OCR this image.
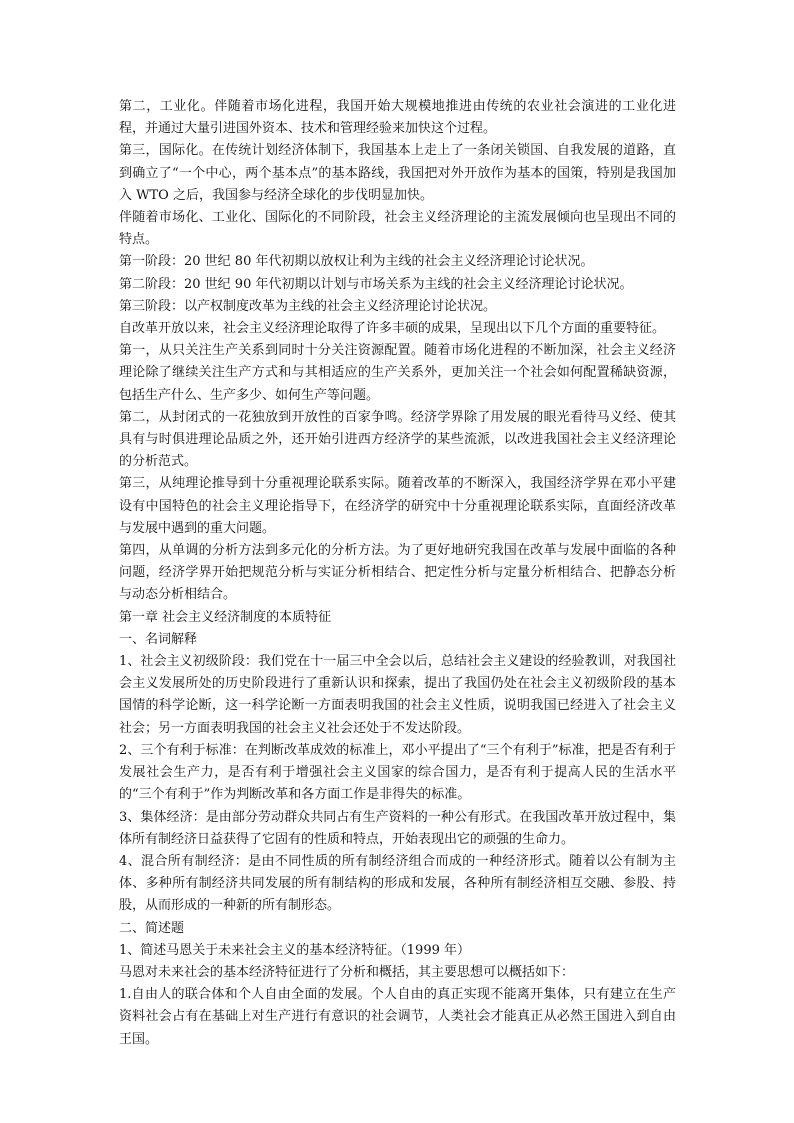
第二，工业化。伴随着市场化进程，我国开始大规模地推进由传统的农业社会演进的工业化进程，并通过大量引进国外资本、技术和管理经验来加快这个过程。

第三，国际化。在传统计划经济体制下，我国基本上走上了一条闭关锁国、自我发展的道路，直到确立了“一个中心，两个基本点”的基本路线，我国把对外开放作为基本的国策，特别是我国加入 WTO 之后，我国参与经济全球化的步伐明显加快。

伴随着市场化、工业化、国际化的不同阶段，社会主义经济理论的主流发展倾向也呈现出不同的特点。

第一阶段：20 世纪 80 年代初期以放权让利为主线的社会主义经济理论讨论状况。

第二阶段：20 世纪 90 年代初期以计划与市场关系为主线的社会主义经济理论讨论状况。

第三阶段：以产权制度改革为主线的社会主义经济理论讨论状况。

自改革开放以来，社会主义经济理论取得了许多丰硕的成果，呈现出以下几个方面的重要特征。

第一，从只关注生产关系到同时十分关注资源配置。随着市场化进程的不断加深，社会主义经济理论除了继续关注生产方式和与其相适应的生产关系外，更加关注一个社会如何配置稀缺资源，包括生产什么、生产多少、如何生产等问题。

第二，从封闭式的一花独放到开放性的百家争鸣。经济学界除了用发展的眼光看待马义经、使其具有与时俱进理论品质之外，还开始引进西方经济学的某些流派，以改进我国社会主义经济理论的分析范式。

第三，从纯理论推导到十分重视理论联系实际。随着改革的不断深入，我国经济学界在邓小平建设有中国特色的社会主义理论指导下，在经济学的研究中十分重视理论联系实际，直面经济改革与发展中遇到的重大问题。

第四，从单调的分析方法到多元化的分析方法。为了更好地研究我国在改革与发展中面临的各种问题，经济学界开始把规范分析与实证分析相结合、把定性分析与定量分析相结合、把静态分析与动态分析相结合。

第一章 社会主义经济制度的本质特征

一、名词解释

1、社会主义初级阶段：我们党在十一届三中全会以后，总结社会主义建设的经验教训，对我国社会主义发展所处的历史阶段进行了重新认识和探索，提出了我国仍处在社会主义初级阶段的基本国情的科学论断，这一科学论断一方面表明我国的社会主义性质，说明我国已经进入了社会主义社会；另一方面表明我国的社会主义社会还处于不发达阶段。

2、三个有利于标准：在判断改革成效的标准上，邓小平提出了“三个有利于”标准，把是否有利于发展社会生产力，是否有利于增强社会主义国家的综合国力，是否有利于提高人民的生活水平的“三个有利于”作为判断改革和各方面工作是非得失的标准。

3、集体经济：是由部分劳动群众共同占有生产资料的一种公有形式。在我国改革开放过程中，集体所有制经济日益获得了它固有的性质和特点，开始表现出它的顽强的生命力。

4、混合所有制经济：是由不同性质的所有制经济组合而成的一种经济形式。随着以公有制为主体、多种所有制经济共同发展的所有制结构的形成和发展，各种所有制经济相互交融、参股、持股，从而形成的一种新的所有制形态。

二、简述题

1、简述马恩关于未来社会主义的基本经济特征。（1999 年）

马恩对未来社会的基本经济特征进行了分析和概括，其主要思想可以概括如下：

1.自由人的联合体和个人自由全面的发展。个人自由的真正实现不能离开集体，只有建立在生产资料社会占有在基础上对生产进行有意识的社会调节，人类社会才能真正从必然王国进入到自由王国。
